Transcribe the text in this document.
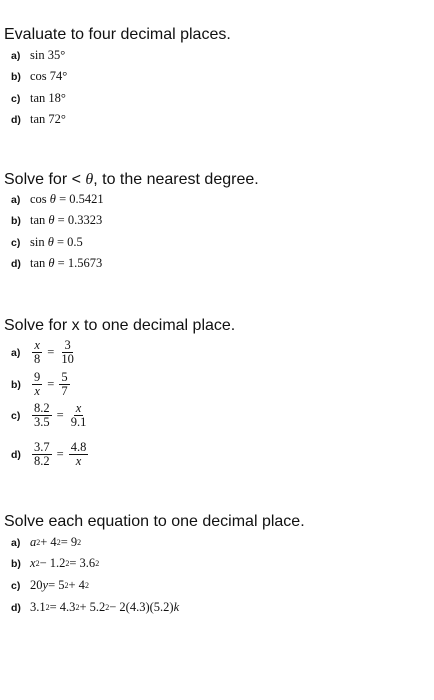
Evaluate to four decimal places.
a) sin 35°
b) cos 74°
c) tan 18°
d) tan 72°
Solve for < θ, to the nearest degree.
a) cos
θ
= 0.5421
b) tan
θ
= 0.3323
c) sin
θ
= 0.5
d) tan
θ
= 1.5673
Solve for x to one decimal place.
$a) \frac{x}{8} = \frac{3}{10}$
$b) \frac{9}{x} = \frac{5}{7}$
$c) \frac{8.2}{3.5} = \frac{x}{9.1}$
$d) \frac{3.7}{8.2} = \frac{4.8}{x}$
Solve each equation to one decimal place.
a) a 2 + 4 2 = 9 2
b) x 2 − 1.2 2 = 3.6 2
c) 20 y = 5 2 + 4 2
d) 3.1 2 = 4.3 2 + 5.2 2 − 2(4.3)(5.2) k
